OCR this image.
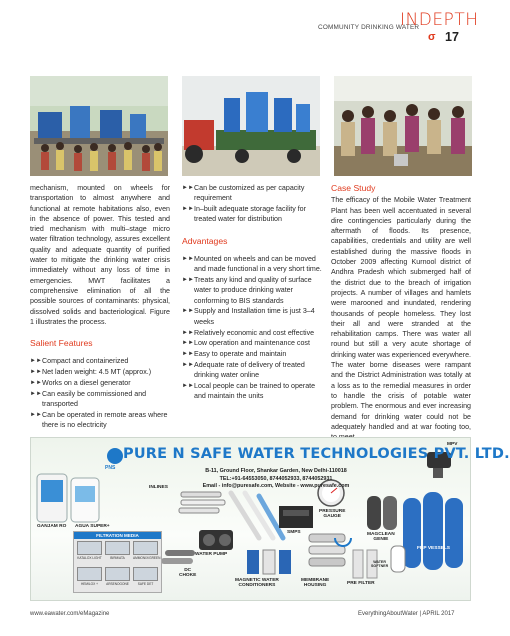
COMMUNITY DRINKING WATER
INDEPTH
σ 17

mechanism, mounted on wheels for transportation to almost anywhere and functional at remote habitations also, even in the absence of power. This tested and tried mechanism with multi–stage micro water filtration technology, assures excellent quality and adequate quantity of purified water to mitigate the drinking water crisis immediately without any loss of time in emergencies. MWT facilitates a comprehensive elimination of all the possible sources of contaminants: physical, dissolved solids and bacteriological. Figure 1 illustrates the process.

Salient Features
►► Compact and containerized
►► Net laden weight: 4.5 MT (approx.)
►► Works on a diesel generator
►► Can easily be commissioned and transported
►► Can be operated in remote areas where there is no electricity
►► Can be customized as per capacity requirement
►► In–built adequate storage facility for treated water for distribution
Advantages
►► Mounted on wheels and can be moved and made functional in a very short time.
►► Treats any kind and quality of surface water to produce drinking water conforming to BIS standards
►► Supply and Installation time is just 3–4 weeks
►► Relatively economic and cost effective
►► Low operation and maintenance cost
►► Easy to operate and maintain
►► Adequate rate of delivery of treated drinking water online
►► Local people can be trained to operate and maintain the units
Case Study

The efficacy of the Mobile Water Treatment Plant has been well accentuated in several dire contingencies particularly during the aftermath of floods. Its presence, capabilities, credentials and utility are well established during the massive floods in October 2009 affecting Kurnool district of Andhra Pradesh which submerged half of the district due to the breach of irrigation projects. A number of villages and hamlets were marooned and inundated, rendering thousands of people homeless. They lost their all and were stranded at the rehabilitation camps. There was water all round but still a very acute shortage of drinking water was experienced everywhere. The water borne diseases were rampant and the District Administration was totally at a loss as to the remedial measures in order to handle the crisis of potable water problem. The enormous and ever increasing demand for drinking water could not be adequately handled and at war footing too,

PNS
PURE N SAFE WATER TECHNOLOGIES PVT. LTD.
B-11, Ground Floor, Shankar Garden, New Delhi-110018
TEL:+91-64553050, 8744052933, 8744052931
Email - info@puresafe.com, Website - www.puresafe.com
GANJAM RO AGUA SUPER+
INLINES
PRESSURE
GAUGE
SMPS
WATER PUMP
DC
CHOKE
MAGNETIC WATER
CONDITIONERS
MEMBRANE
HOUSING	PRE FILTER
MAGCLEAN
GENIE
WATER
SOFTNER
FRP VESSELS
MPV
FILTRATION MEDIA
KATALOX LIGHT	BIRM/ATA	AMMONIX/GREEN
HEMILOX +	ARSENOGONE	SAFE DET
www.eawater.com/eMagazine	EverythingAboutWater | APRIL 2017
